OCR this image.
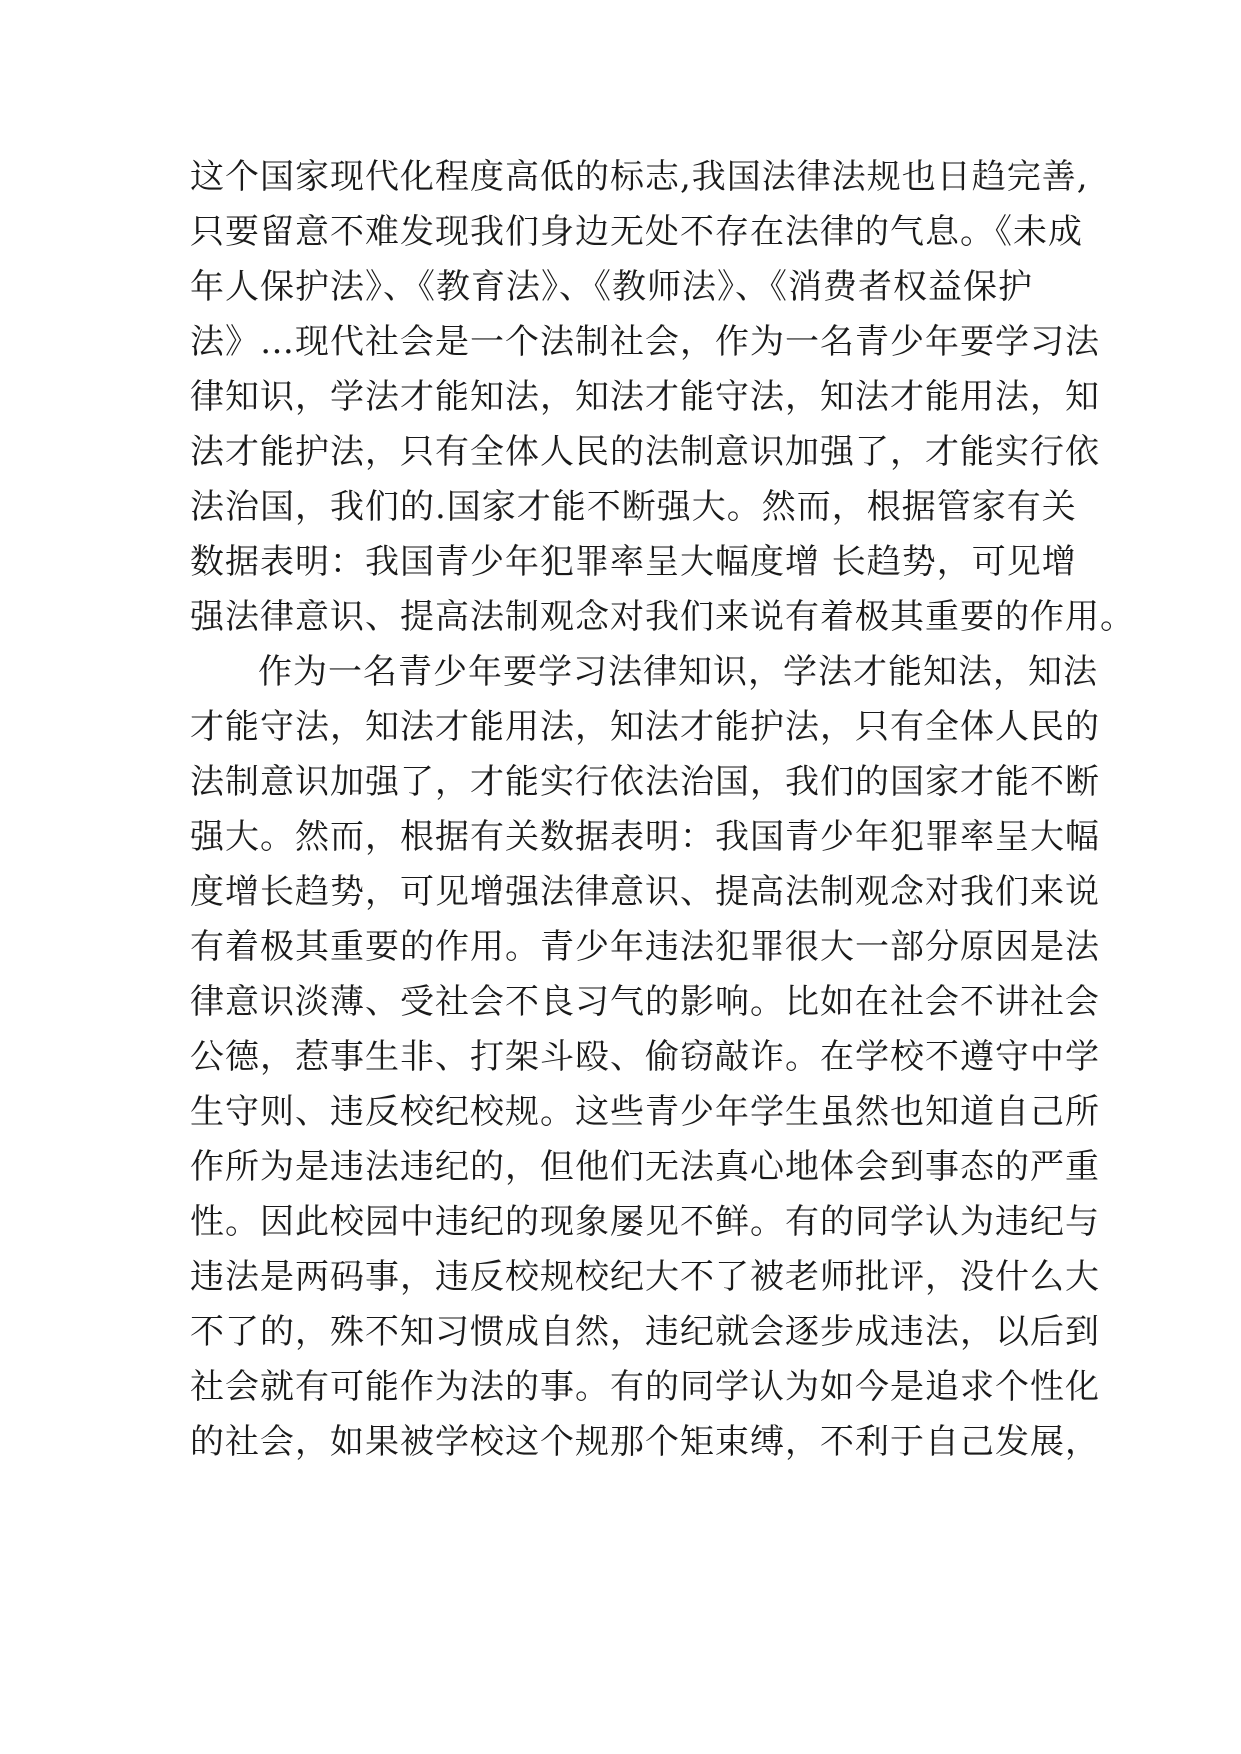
这个国家现代化程度高低的标志,我国法律法规也日趋完善,
只要留意不难发现我们身边无处不存在法律的气息。《未成
年人保护法》、《教育法》、《教师法》、《消费者权益保护
法》…现代社会是一个法制社会，作为一名青少年要学习法
律知识，学法才能知法，知法才能守法，知法才能用法，知
法才能护法，只有全体人民的法制意识加强了，才能实行依
法治国，我们的.国家才能不断强大。然而，根据管家有关
数据表明：我国青少年犯罪率呈大幅度增 长趋势，可见增
强法律意识、提高法制观念对我们来说有着极其重要的作用。
作为一名青少年要学习法律知识，学法才能知法，知法
才能守法，知法才能用法，知法才能护法，只有全体人民的
法制意识加强了，才能实行依法治国，我们的国家才能不断
强大。然而，根据有关数据表明：我国青少年犯罪率呈大幅
度增长趋势，可见增强法律意识、提高法制观念对我们来说
有着极其重要的作用。青少年违法犯罪很大一部分原因是法
律意识淡薄、受社会不良习气的影响。比如在社会不讲社会
公德，惹事生非、打架斗殴、偷窃敲诈。在学校不遵守中学
生守则、违反校纪校规。这些青少年学生虽然也知道自己所
作所为是违法违纪的，但他们无法真心地体会到事态的严重
性。因此校园中违纪的现象屡见不鲜。有的同学认为违纪与
违法是两码事，违反校规校纪大不了被老师批评，没什么大
不了的，殊不知习惯成自然，违纪就会逐步成违法，以后到
社会就有可能作为法的事。有的同学认为如今是追求个性化
的社会，如果被学校这个规那个矩束缚，不利于自己发展，
